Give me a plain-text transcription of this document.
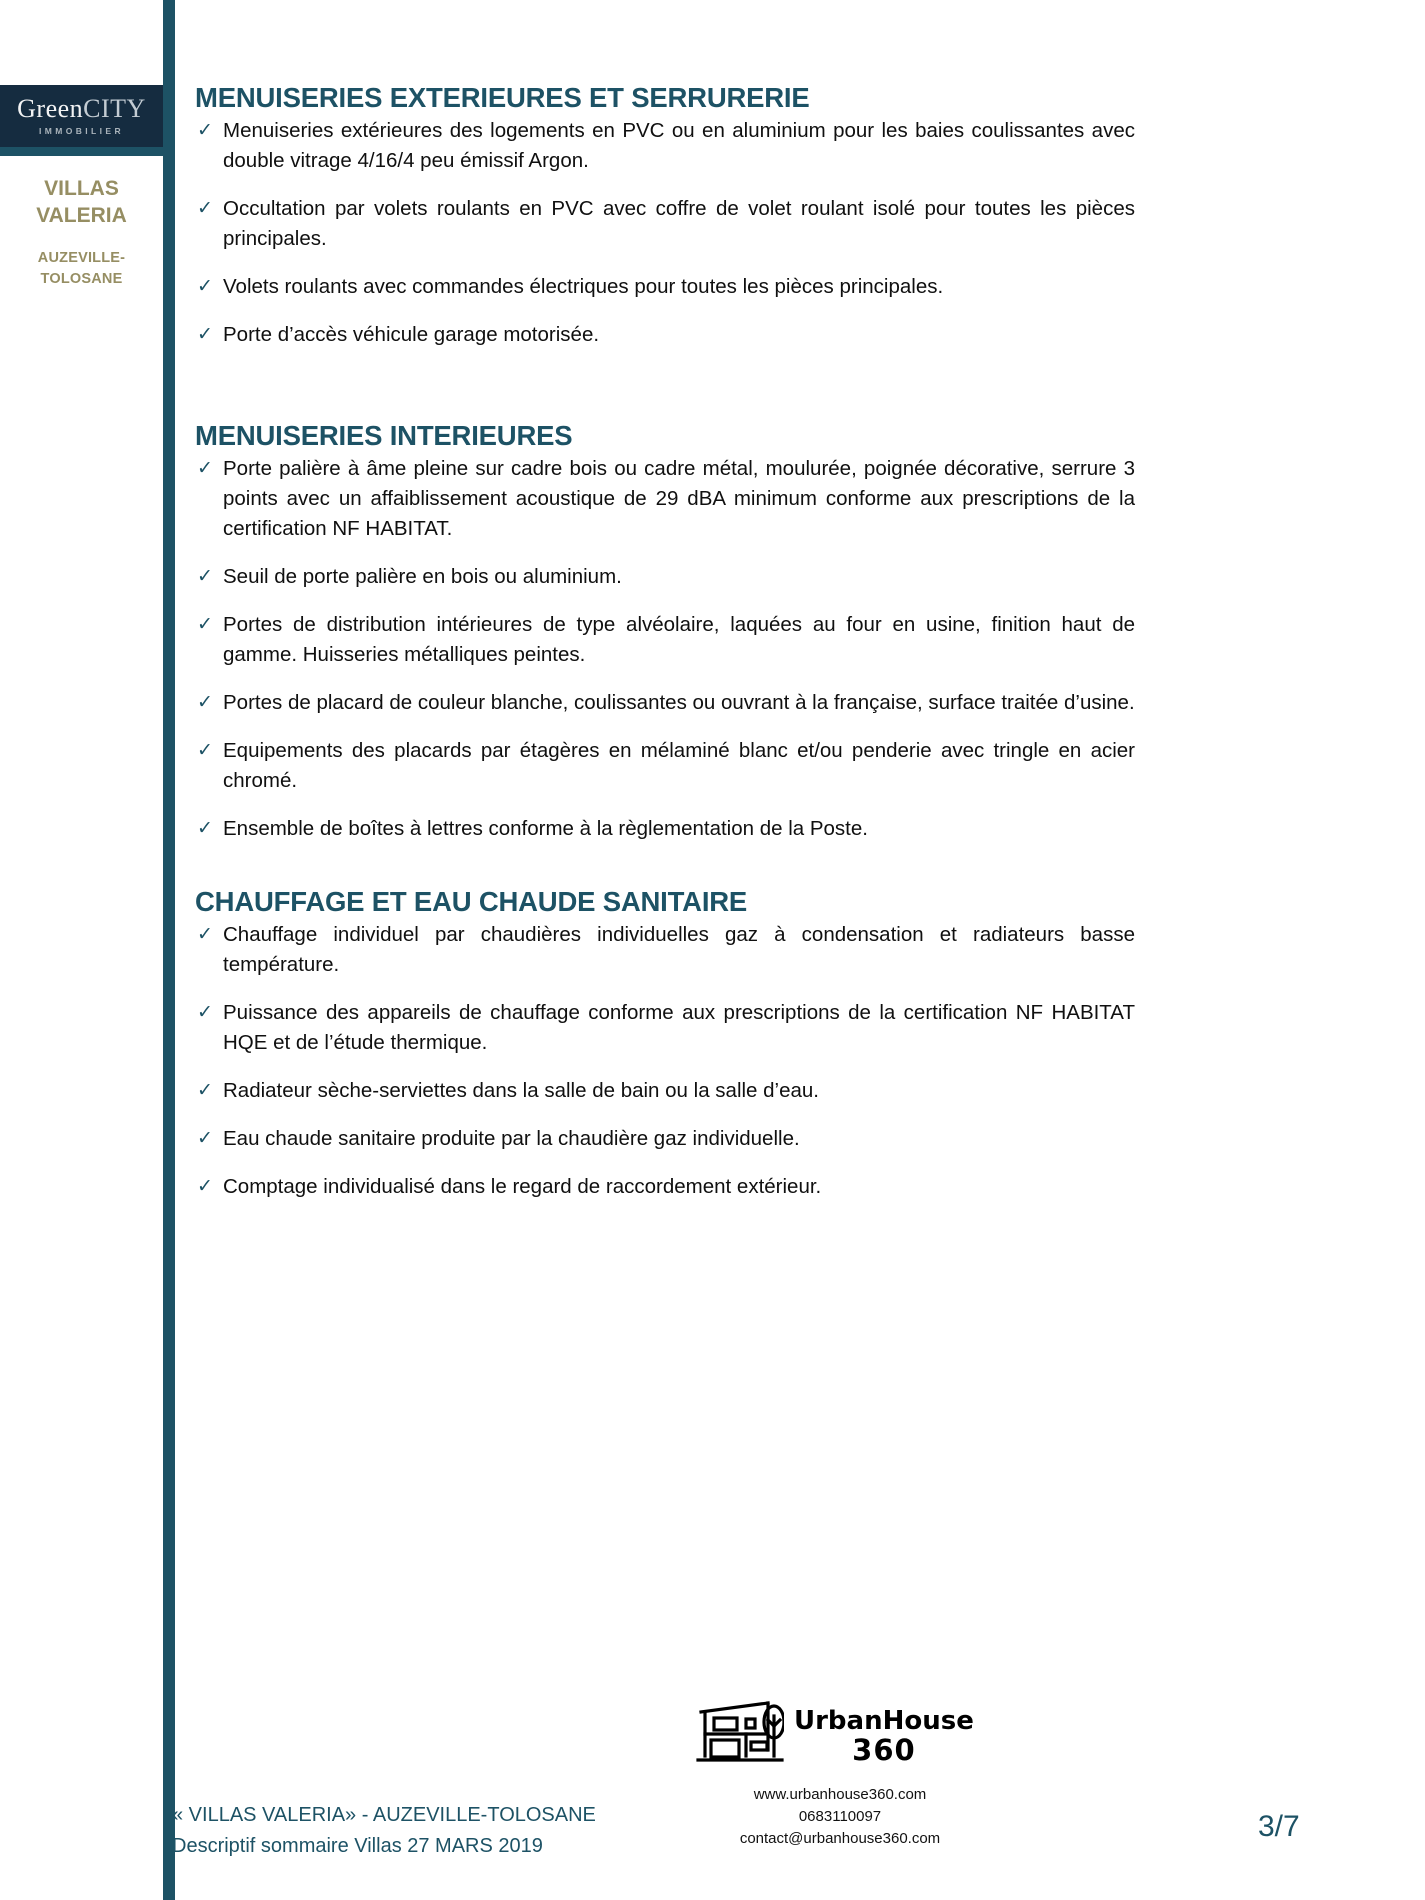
GreenCITY
IMMOBILIER
VILLAS
VALERIA
AUZEVILLE-
TOLOSANE
MENUISERIES EXTERIEURES ET SERRURERIE

✓ Menuiseries extérieures des logements en PVC ou en aluminium pour les baies coulissantes avec double vitrage 4/16/4 peu émissif Argon.

✓ Occultation par volets roulants en PVC avec coffre de volet roulant isolé pour toutes les pièces principales.

✓ Volets roulants avec commandes électriques pour toutes les pièces principales.

✓ Porte d’accès véhicule garage motorisée.

MENUISERIES INTERIEURES

✓ Porte palière à âme pleine sur cadre bois ou cadre métal, moulurée, poignée décorative, serrure 3 points avec un affaiblissement acoustique de 29 dBA minimum conforme aux prescriptions de la certification NF HABITAT.

✓ Seuil de porte palière en bois ou aluminium.

✓ Portes de distribution intérieures de type alvéolaire, laquées au four en usine, finition haut de gamme. Huisseries métalliques peintes.

✓ Portes de placard de couleur blanche, coulissantes ou ouvrant à la française, surface traitée d’usine.

✓ Equipements des placards par étagères en mélaminé blanc et/ou penderie avec tringle en acier chromé.

✓ Ensemble de boîtes à lettres conforme à la règlementation de la Poste.

CHAUFFAGE ET EAU CHAUDE SANITAIRE

✓ Chauffage individuel par chaudières individuelles gaz à condensation et radiateurs basse température.

✓ Puissance des appareils de chauffage conforme aux prescriptions de la certification NF HABITAT HQE et de l’étude thermique.

✓ Radiateur sèche-serviettes dans la salle de bain ou la salle d’eau.

✓ Eau chaude sanitaire produite par la chaudière gaz individuelle.

✓ Comptage individualisé dans le regard de raccordement extérieur.

UrbanHouse
360
www.urbanhouse360.com
0683110097
contact@urbanhouse360.com
« VILLAS VALERIA» - AUZEVILLE-TOLOSANE
Descriptif sommaire Villas 27 MARS 2019
3/7
